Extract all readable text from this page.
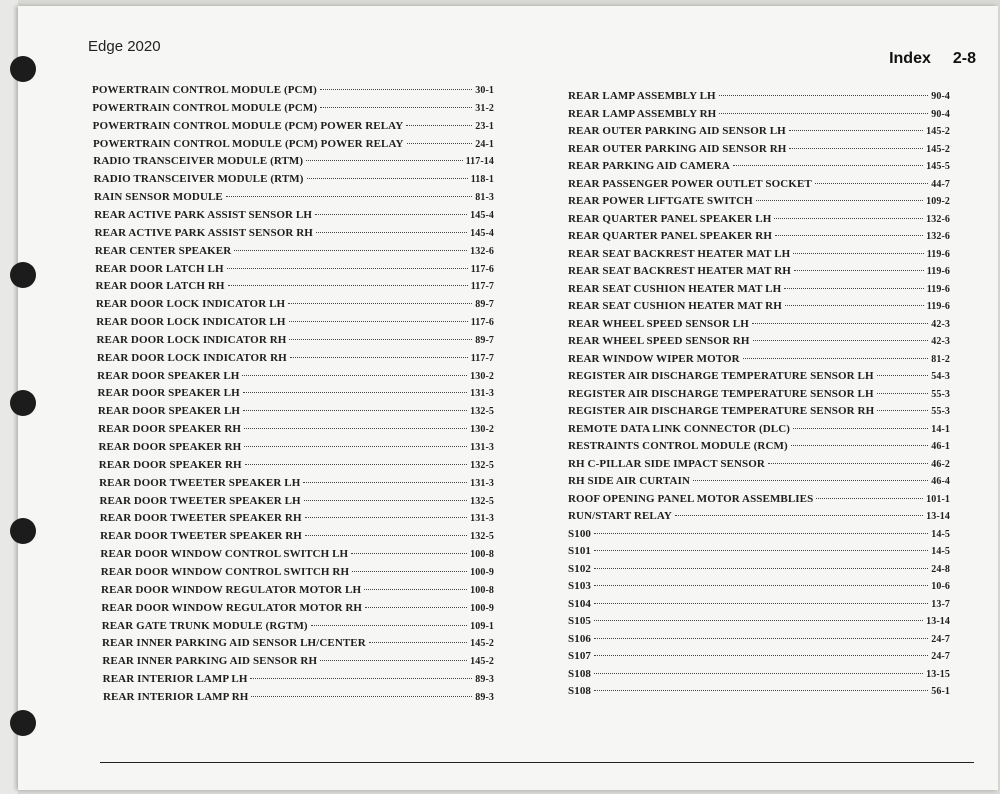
Edge 2020
Index 2-8
POWERTRAIN CONTROL MODULE (PCM)	30-1
POWERTRAIN CONTROL MODULE (PCM)	31-2
POWERTRAIN CONTROL MODULE (PCM) POWER RELAY	23-1
POWERTRAIN CONTROL MODULE (PCM) POWER RELAY	24-1
RADIO TRANSCEIVER MODULE (RTM)	117-14
RADIO TRANSCEIVER MODULE (RTM)	118-1
RAIN SENSOR MODULE	81-3
REAR ACTIVE PARK ASSIST SENSOR LH	145-4
REAR ACTIVE PARK ASSIST SENSOR RH	145-4
REAR CENTER SPEAKER	132-6
REAR DOOR LATCH LH	117-6
REAR DOOR LATCH RH	117-7
REAR DOOR LOCK INDICATOR LH	89-7
REAR DOOR LOCK INDICATOR LH	117-6
REAR DOOR LOCK INDICATOR RH	89-7
REAR DOOR LOCK INDICATOR RH	117-7
REAR DOOR SPEAKER LH	130-2
REAR DOOR SPEAKER LH	131-3
REAR DOOR SPEAKER LH	132-5
REAR DOOR SPEAKER RH	130-2
REAR DOOR SPEAKER RH	131-3
REAR DOOR SPEAKER RH	132-5
REAR DOOR TWEETER SPEAKER LH	131-3
REAR DOOR TWEETER SPEAKER LH	132-5
REAR DOOR TWEETER SPEAKER RH	131-3
REAR DOOR TWEETER SPEAKER RH	132-5
REAR DOOR WINDOW CONTROL SWITCH LH	100-8
REAR DOOR WINDOW CONTROL SWITCH RH	100-9
REAR DOOR WINDOW REGULATOR MOTOR LH	100-8
REAR DOOR WINDOW REGULATOR MOTOR RH	100-9
REAR GATE TRUNK MODULE (RGTM)	109-1
REAR INNER PARKING AID SENSOR LH/CENTER	145-2
REAR INNER PARKING AID SENSOR RH	145-2
REAR INTERIOR LAMP LH	89-3
REAR INTERIOR LAMP RH	89-3
REAR LAMP ASSEMBLY LH	90-4
REAR LAMP ASSEMBLY RH	90-4
REAR OUTER PARKING AID SENSOR LH	145-2
REAR OUTER PARKING AID SENSOR RH	145-2
REAR PARKING AID CAMERA	145-5
REAR PASSENGER POWER OUTLET SOCKET	44-7
REAR POWER LIFTGATE SWITCH	109-2
REAR QUARTER PANEL SPEAKER LH	132-6
REAR QUARTER PANEL SPEAKER RH	132-6
REAR SEAT BACKREST HEATER MAT LH	119-6
REAR SEAT BACKREST HEATER MAT RH	119-6
REAR SEAT CUSHION HEATER MAT LH	119-6
REAR SEAT CUSHION HEATER MAT RH	119-6
REAR WHEEL SPEED SENSOR LH	42-3
REAR WHEEL SPEED SENSOR RH	42-3
REAR WINDOW WIPER MOTOR	81-2
REGISTER AIR DISCHARGE TEMPERATURE SENSOR LH	54-3
REGISTER AIR DISCHARGE TEMPERATURE SENSOR LH	55-3
REGISTER AIR DISCHARGE TEMPERATURE SENSOR RH	55-3
REMOTE DATA LINK CONNECTOR (DLC)	14-1
RESTRAINTS CONTROL MODULE (RCM)	46-1
RH C-PILLAR SIDE IMPACT SENSOR	46-2
RH SIDE AIR CURTAIN	46-4
ROOF OPENING PANEL MOTOR ASSEMBLIES	101-1
RUN/START RELAY	13-14
S100	14-5
S101	14-5
S102	24-8
S103	10-6
S104	13-7
S105	13-14
S106	24-7
S107	24-7
S108	13-15
S108	56-1
